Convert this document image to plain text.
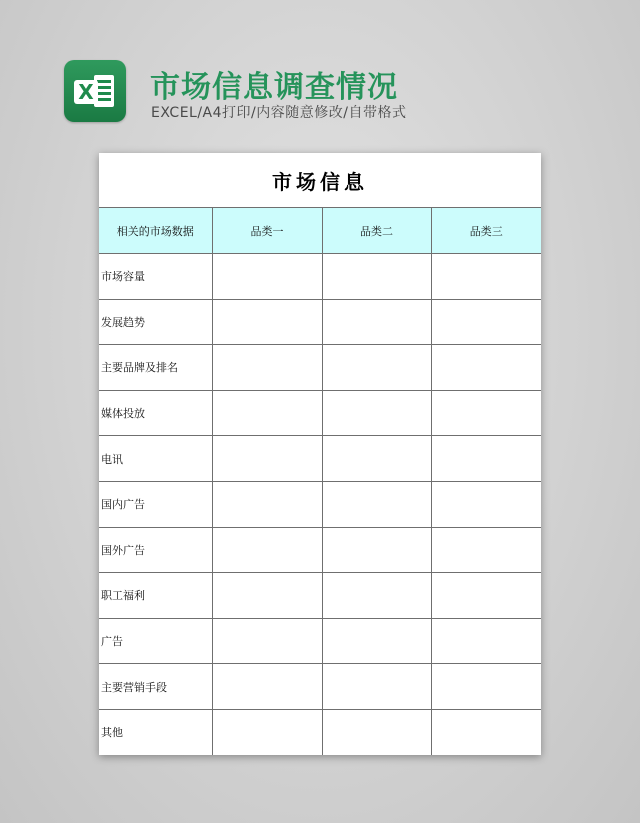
X 市场信息调查情况
EXCEL/A4打印/内容随意修改/自带格式
市场信息			
相关的市场数据	品类一	品类二	品类三
市场容量			
发展趋势			
主要品牌及排名			
媒体投放			
电讯			
国内广告			
国外广告			
职工福利			
广告			
主要营销手段			
其他			
